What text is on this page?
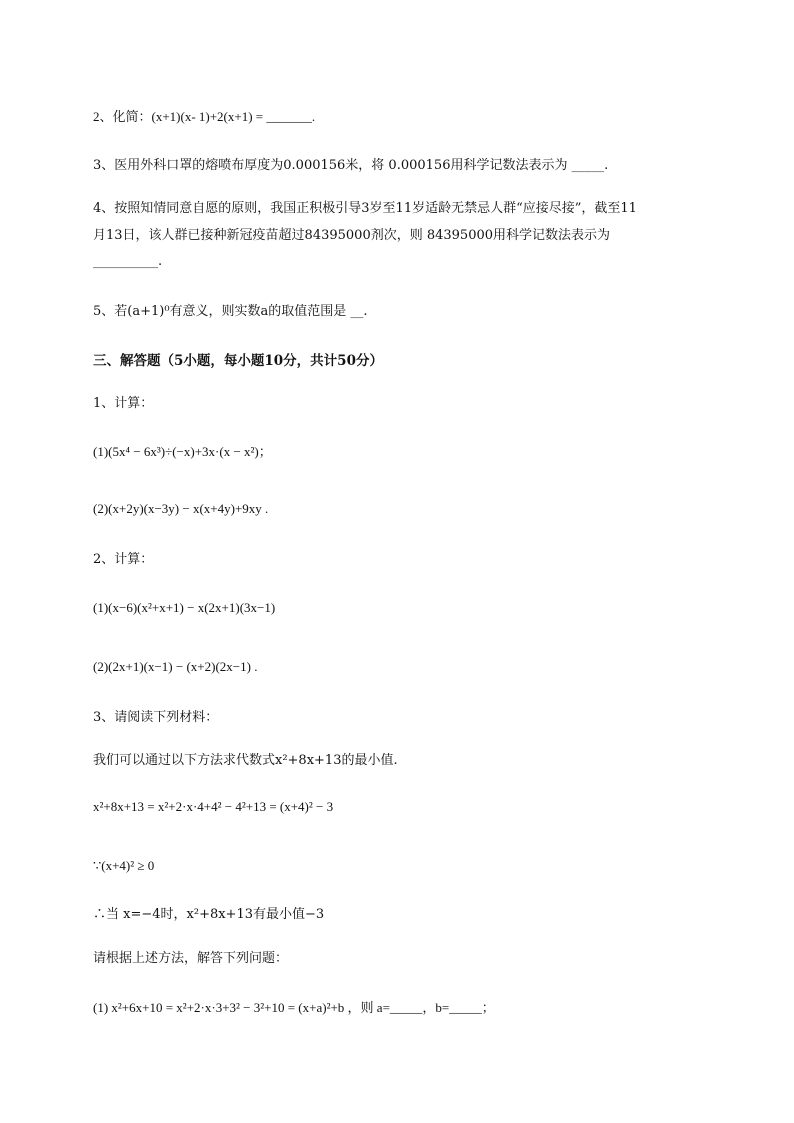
2、化简：(x+1)(x- 1)+2(x+1) = _______.
3、医用外科口罩的熔喷布厚度为0.000156米，将 0.000156用科学记数法表示为 _____.
4、按照知情同意自愿的原则，我国正积极引导3岁至11岁适龄无禁忌人群“应接尽接”，截至11
月13日，该人群已接种新冠疫苗超过84395000剂次，则 84395000用科学记数法表示为
__________.
5、若(a+1)⁰有意义，则实数a的取值范围是 __.
三、解答题（5小题，每小题10分，共计50分）
1、计算：
(1)(5x⁴ − 6x³)÷(−x)+3x·(x − x²)；
(2)(x+2y)(x−3y) − x(x+4y)+9xy .
2、计算：
(1)(x−6)(x²+x+1) − x(2x+1)(3x−1)
(2)(2x+1)(x−1) − (x+2)(2x−1) .
3、请阅读下列材料：
我们可以通过以下方法求代数式x²+8x+13的最小值.
x²+8x+13 = x²+2·x·4+4² − 4²+13 = (x+4)² − 3
∵(x+4)² ≥ 0
∴当 x=−4时，x²+8x+13有最小值−3
请根据上述方法，解答下列问题：
(1) x²+6x+10 = x²+2·x·3+3² − 3²+10 = (x+a)²+b ，则 a=_____，b=_____；
